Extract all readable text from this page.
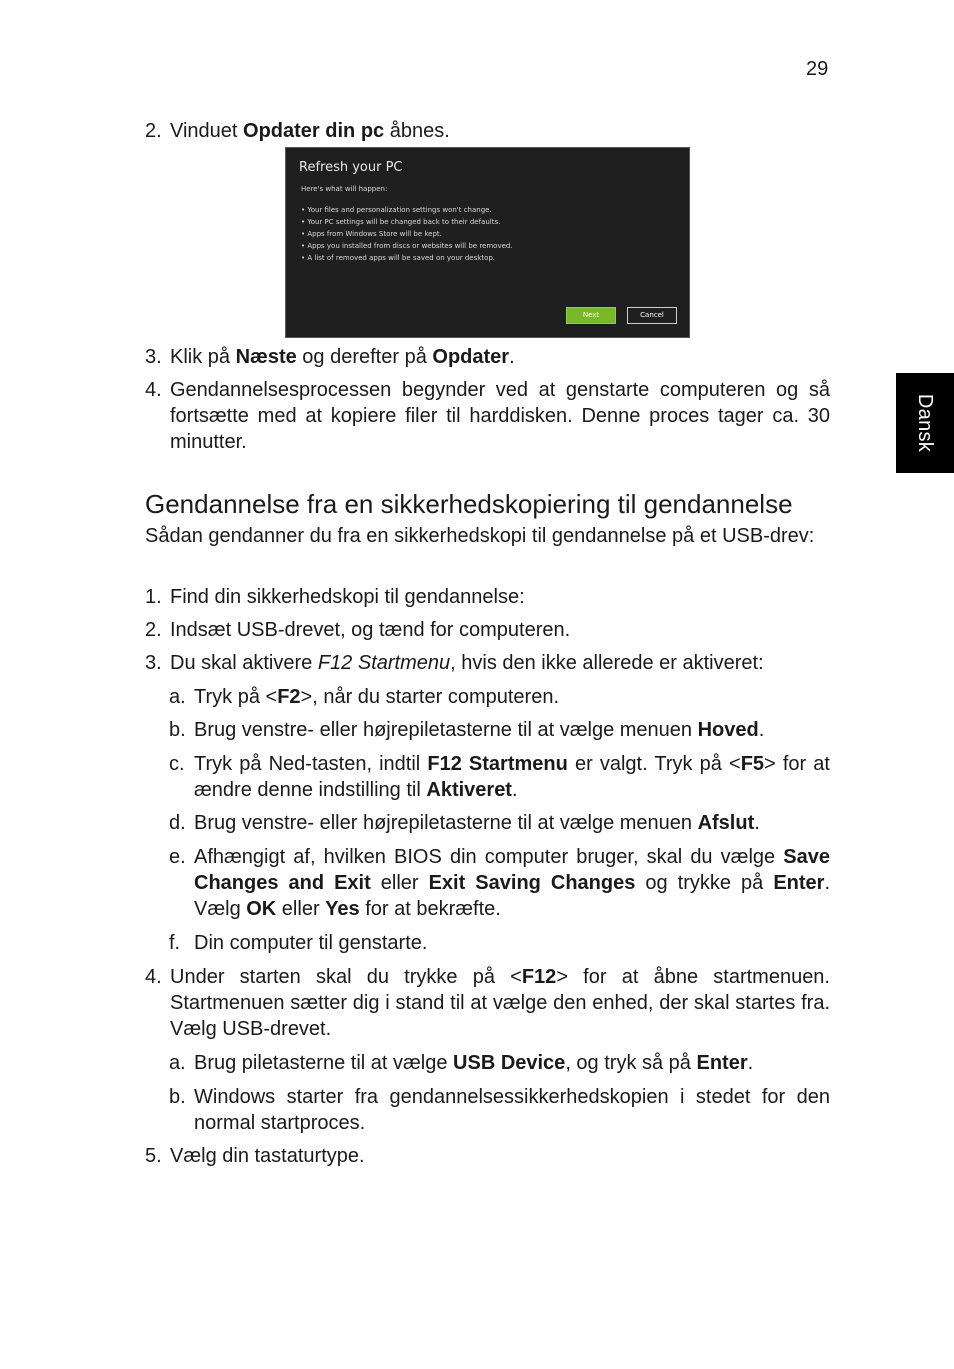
29
Dansk
2. Vinduet Opdater din pc åbnes.
Refresh your PC
Here's what will happen:
• Your files and personalization settings won't change.
• Your PC settings will be changed back to their defaults.
• Apps from Windows Store will be kept.
• Apps you installed from discs or websites will be removed.
• A list of removed apps will be saved on your desktop.
Next	Cancel
3. Klik på Næste og derefter på Opdater.
4. Gendannelsesprocessen begynder ved at genstarte computeren og så fortsætte med at kopiere filer til harddisken. Denne proces tager ca. 30 minutter.
Gendannelse fra en sikkerhedskopiering til gendannelse
Sådan gendanner du fra en sikkerhedskopi til gendannelse på et USB-drev:
1. Find din sikkerhedskopi til gendannelse:
2. Indsæt USB-drevet, og tænd for computeren.
3. Du skal aktivere F12 Startmenu, hvis den ikke allerede er aktiveret:
a. Tryk på <F2>, når du starter computeren.
b. Brug venstre- eller højrepiletasterne til at vælge menuen Hoved.
c. Tryk på Ned-tasten, indtil F12 Startmenu er valgt. Tryk på <F5> for at ændre denne indstilling til Aktiveret.
d. Brug venstre- eller højrepiletasterne til at vælge menuen Afslut.
e. Afhængigt af, hvilken BIOS din computer bruger, skal du vælge Save Changes and Exit eller Exit Saving Changes og trykke på Enter. Vælg OK eller Yes for at bekræfte.
f. Din computer til genstarte.
4. Under starten skal du trykke på <F12> for at åbne startmenuen. Startmenuen sætter dig i stand til at vælge den enhed, der skal startes fra. Vælg USB-drevet.
a. Brug piletasterne til at vælge USB Device, og tryk så på Enter.
b. Windows starter fra gendannelsessikkerhedskopien i stedet for den normal startproces.
5. Vælg din tastaturtype.
